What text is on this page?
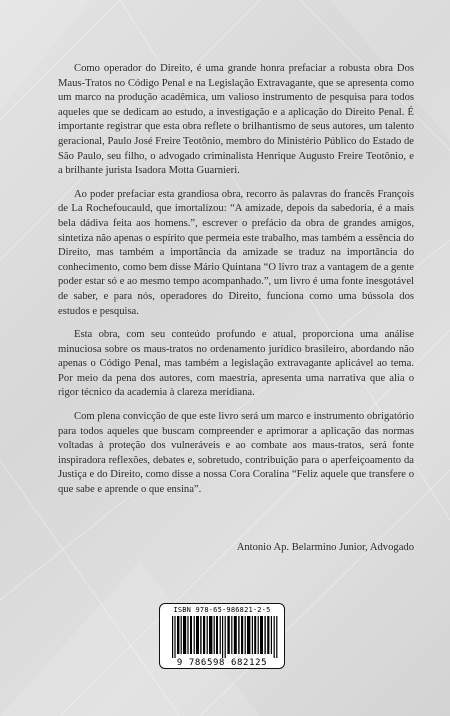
Como operador do Direito, é uma grande honra prefaciar a robusta obra Dos Maus-Tratos no Código Penal e na Legislação Extravagante, que se apresenta como um marco na produção acadêmica, um valioso instrumento de pesquisa para todos aqueles que se dedicam ao estudo, a investigação e a aplicação do Direito Penal. É importante registrar que esta obra reflete o brilhantismo de seus autores, um talento geracional, Paulo José Freire Teotônio, membro do Ministério Público do Estado de São Paulo, seu filho, o advogado criminalista Henrique Augusto Freire Teotônio, e a brilhante jurista Isadora Motta Guarnieri.

Ao poder prefaciar esta grandiosa obra, recorro às palavras do francês François de La Rochefoucauld, que imortalizou: “A amizade, depois da sabedoria, é a mais bela dádiva feita aos homens.”, escrever o prefácio da obra de grandes amigos, sintetiza não apenas o espírito que permeia este trabalho, mas também a essência do Direito, mas também a importância da amizade se traduz na importância do conhecimento, como bem disse Mário Quintana “O livro traz a vantagem de a gente poder estar só e ao mesmo tempo acompanhado.”, um livro é uma fonte inesgotável de saber, e para nós, operadores do Direito, funciona como uma bússola dos estudos e pesquisa.

Esta obra, com seu conteúdo profundo e atual, proporciona uma análise minuciosa sobre os maus-tratos no ordenamento jurídico brasileiro, abordando não apenas o Código Penal, mas também a legislação extravagante aplicável ao tema. Por meio da pena dos autores, com maestria, apresenta uma narrativa que alia o rigor técnico da academia à clareza meridiana.

Com plena convicção de que este livro será um marco e instrumento obrigatório para todos aqueles que buscam compreender e aprimorar a aplicação das normas voltadas à proteção dos vulneráveis e ao combate aos maus-tratos, será fonte inspiradora reflexões, debates e, sobretudo, contribuição para o aperfeiçoamento da Justiça e do Direito, como disse a nossa Cora Coralina “Feliz aquele que transfere o que sabe e aprende o que ensina”.

Antonio Ap. Belarmino Junior, Advogado
ISBN 978-65-986821-2-5
9 786598 682125
